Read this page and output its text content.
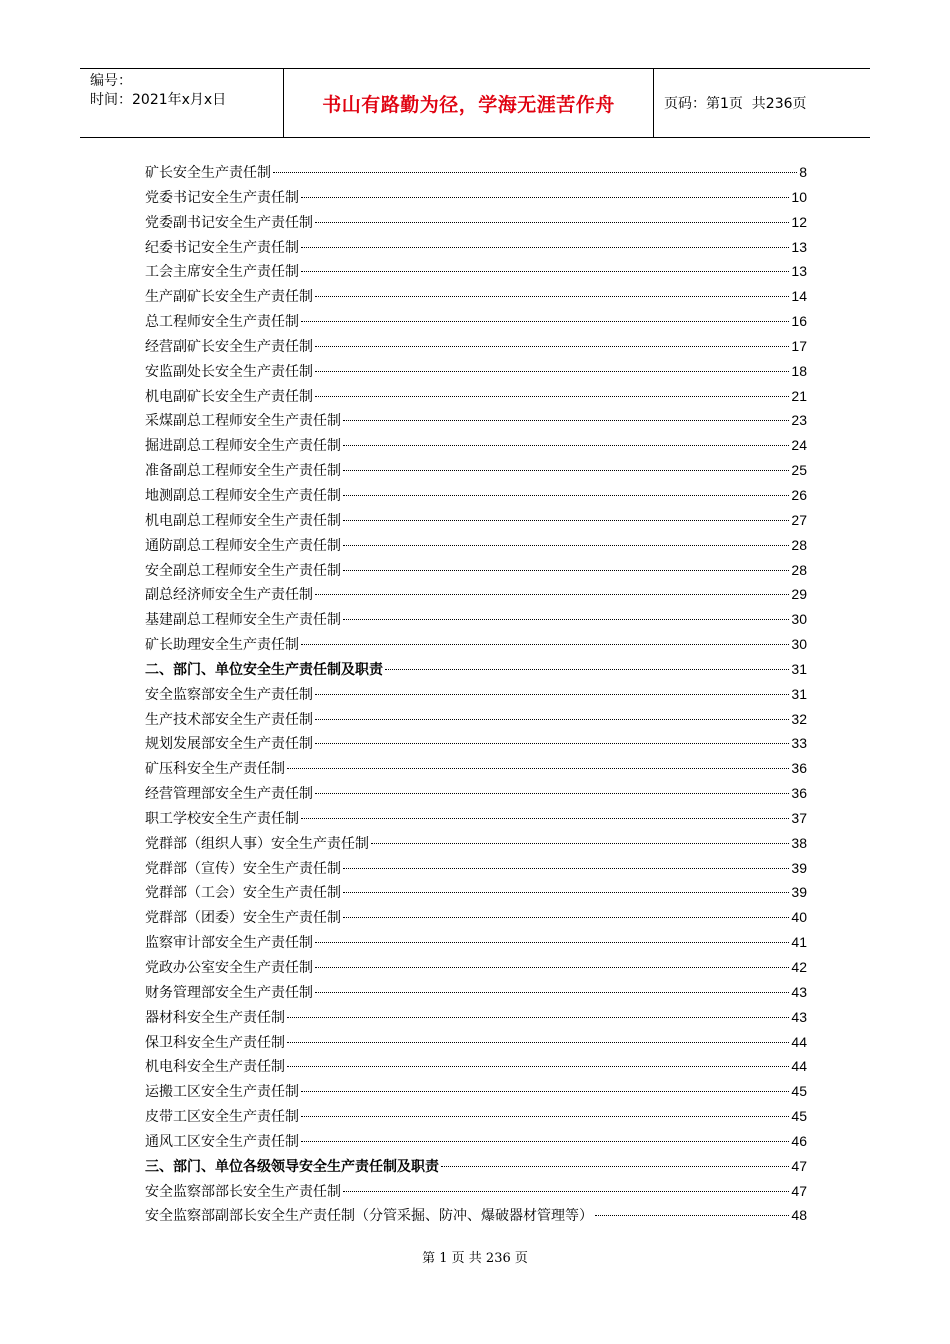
编号：
时间：2021年x月x日	书山有路勤为径，学海无涯苦作舟	页码：第1页  共236页
矿长安全生产责任制	8
党委书记安全生产责任制	10
党委副书记安全生产责任制	12
纪委书记安全生产责任制	13
工会主席安全生产责任制	13
生产副矿长安全生产责任制	14
总工程师安全生产责任制	16
经营副矿长安全生产责任制	17
安监副处长安全生产责任制	18
机电副矿长安全生产责任制	21
采煤副总工程师安全生产责任制	23
掘进副总工程师安全生产责任制	24
准备副总工程师安全生产责任制	25
地测副总工程师安全生产责任制	26
机电副总工程师安全生产责任制	27
通防副总工程师安全生产责任制	28
安全副总工程师安全生产责任制	28
副总经济师安全生产责任制	29
基建副总工程师安全生产责任制	30
矿长助理安全生产责任制	30
二、部门、单位安全生产责任制及职责	31
安全监察部安全生产责任制	31
生产技术部安全生产责任制	32
规划发展部安全生产责任制	33
矿压科安全生产责任制	36
经营管理部安全生产责任制	36
职工学校安全生产责任制	37
党群部（组织人事）安全生产责任制	38
党群部（宣传）安全生产责任制	39
党群部（工会）安全生产责任制	39
党群部（团委）安全生产责任制	40
监察审计部安全生产责任制	41
党政办公室安全生产责任制	42
财务管理部安全生产责任制	43
器材科安全生产责任制	43
保卫科安全生产责任制	44
机电科安全生产责任制	44
运搬工区安全生产责任制	45
皮带工区安全生产责任制	45
通风工区安全生产责任制	46
三、部门、单位各级领导安全生产责任制及职责	47
安全监察部部长安全生产责任制	47
安全监察部副部长安全生产责任制（分管采掘、防冲、爆破器材管理等）	48
第 1 页 共 236 页
